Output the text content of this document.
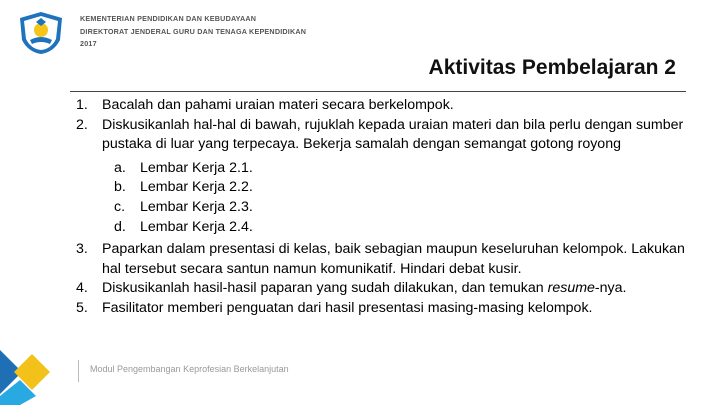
KEMENTERIAN PENDIDIKAN DAN KEBUDAYAAN
DIREKTORAT JENDERAL GURU DAN TENAGA KEPENDIDIKAN
2017
Aktivitas Pembelajaran 2
1. Bacalah dan pahami uraian materi secara berkelompok.
2. Diskusikanlah hal-hal di bawah, rujuklah kepada uraian materi dan bila perlu dengan sumber pustaka di luar yang terpecaya. Bekerja samalah dengan semangat gotong royong
a. Lembar Kerja 2.1.
b. Lembar Kerja 2.2.
c.	Lembar Kerja 2.3.
d. Lembar Kerja 2.4.
3. Paparkan dalam presentasi di kelas, baik sebagian maupun keseluruhan kelompok. Lakukan hal tersebut secara santun namun komunikatif. Hindari debat kusir.
4. Diskusikanlah hasil-hasil paparan yang sudah dilakukan, dan temukan resume-nya.
5. Fasilitator memberi penguatan dari hasil presentasi masing-masing kelompok.
Modul Pengembangan Keprofesian Berkelanjutan
